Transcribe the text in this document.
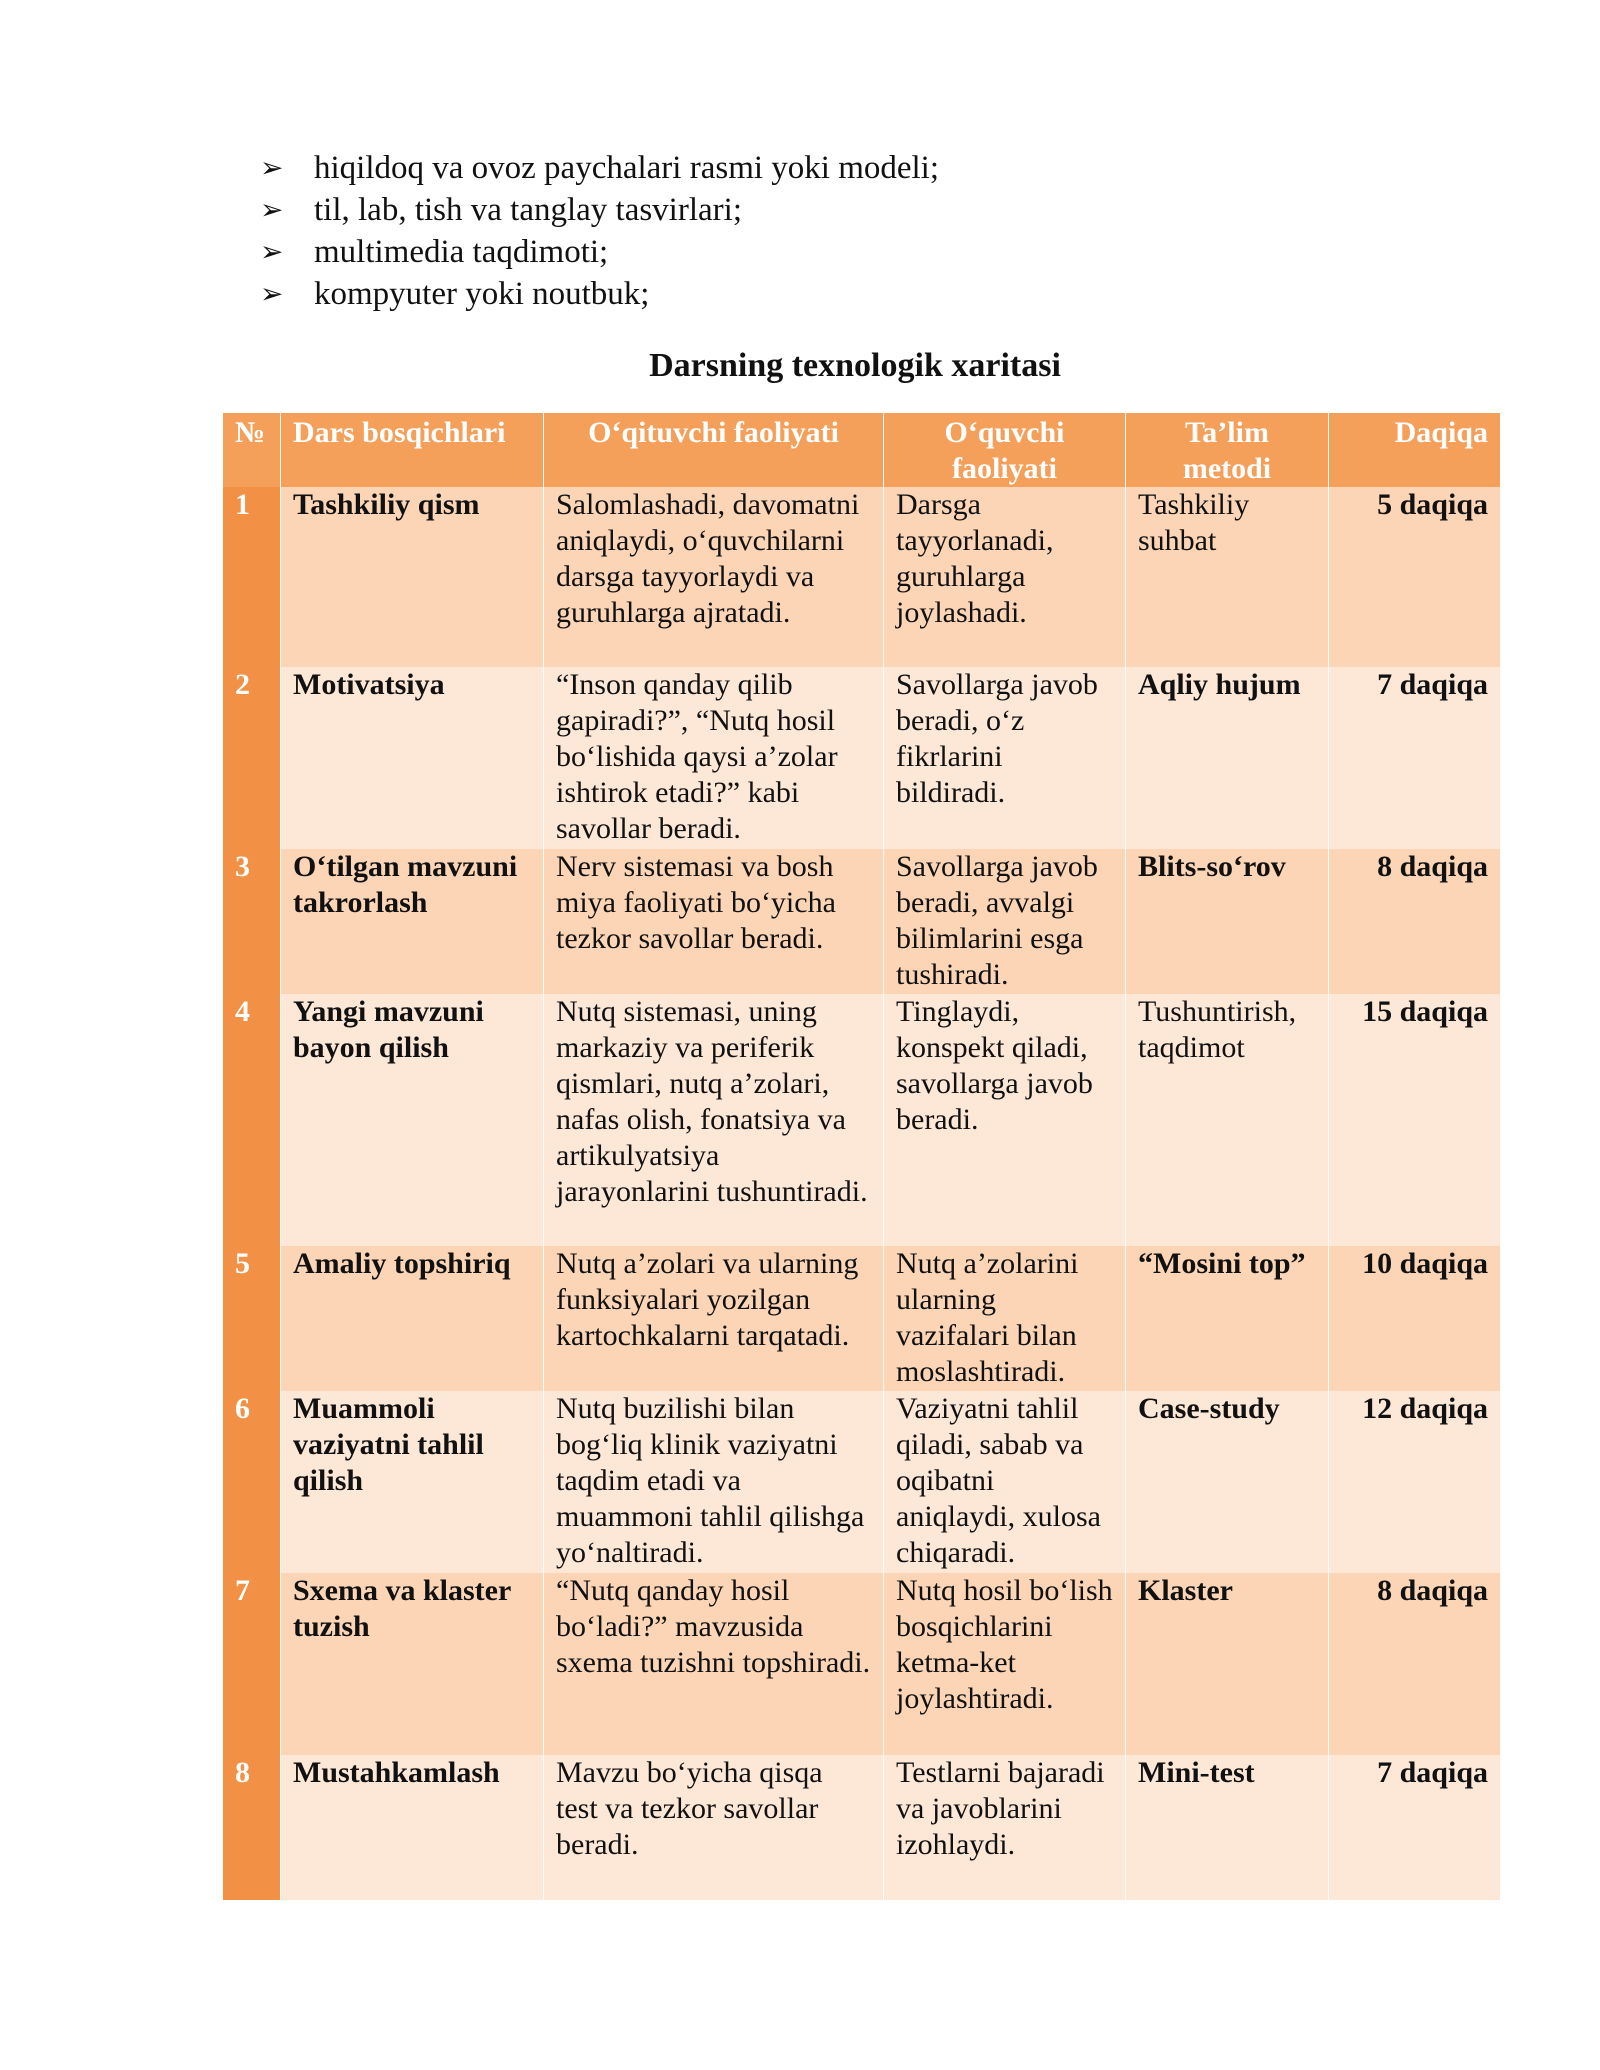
➢ hiqildoq va ovoz paychalari rasmi yoki modeli;
➢ til, lab, tish va tanglay tasvirlari;
➢ multimedia taqdimoti;
➢ kompyuter yoki noutbuk;
Darsning texnologik xaritasi
№	Dars bosqichlari	O‘qituvchi faoliyati	O‘quvchi faoliyati	Ta’lim metodi	Daqiqa
1	Tashkiliy qism	Salomlashadi, davomatni aniqlaydi, o‘quvchilarni darsga tayyorlaydi va guruhlarga ajratadi.	Darsga tayyorlanadi, guruhlarga joylashadi.	Tashkiliy suhbat	5 daqiqa
2	Motivatsiya	“Inson qanday qilib gapiradi?”, “Nutq hosil bo‘lishida qaysi a’zolar ishtirok etadi?” kabi savollar beradi.	Savollarga javob beradi, o‘z fikrlarini bildiradi.	Aqliy hujum	7 daqiqa
3	O‘tilgan mavzuni takrorlash	Nerv sistemasi va bosh miya faoliyati bo‘yicha tezkor savollar beradi.	Savollarga javob beradi, avvalgi bilimlarini esga tushiradi.	Blits-so‘rov	8 daqiqa
4	Yangi mavzuni bayon qilish	Nutq sistemasi, uning markaziy va periferik qismlari, nutq a’zolari, nafas olish, fonatsiya va artikulyatsiya jarayonlarini tushuntiradi.	Tinglaydi, konspekt qiladi, savollarga javob beradi.	Tushuntirish, taqdimot	15 daqiqa
5	Amaliy topshiriq	Nutq a’zolari va ularning funksiyalari yozilgan kartochkalarni tarqatadi.	Nutq a’zolarini ularning vazifalari bilan moslashtiradi.	“Mosini top”	10 daqiqa
6	Muammoli vaziyatni tahlil qilish	Nutq buzilishi bilan bog‘liq klinik vaziyatni taqdim etadi va muammoni tahlil qilishga yo‘naltiradi.	Vaziyatni tahlil qiladi, sabab va oqibatni aniqlaydi, xulosa chiqaradi.	Case-study	12 daqiqa
7	Sxema va klaster tuzish	“Nutq qanday hosil bo‘ladi?” mavzusida sxema tuzishni topshiradi.	Nutq hosil bo‘lish bosqichlarini ketma-ket joylashtiradi.	Klaster	8 daqiqa
8	Mustahkamlash	Mavzu bo‘yicha qisqa test va tezkor savollar beradi.	Testlarni bajaradi va javoblarini izohlaydi.	Mini-test	7 daqiqa
